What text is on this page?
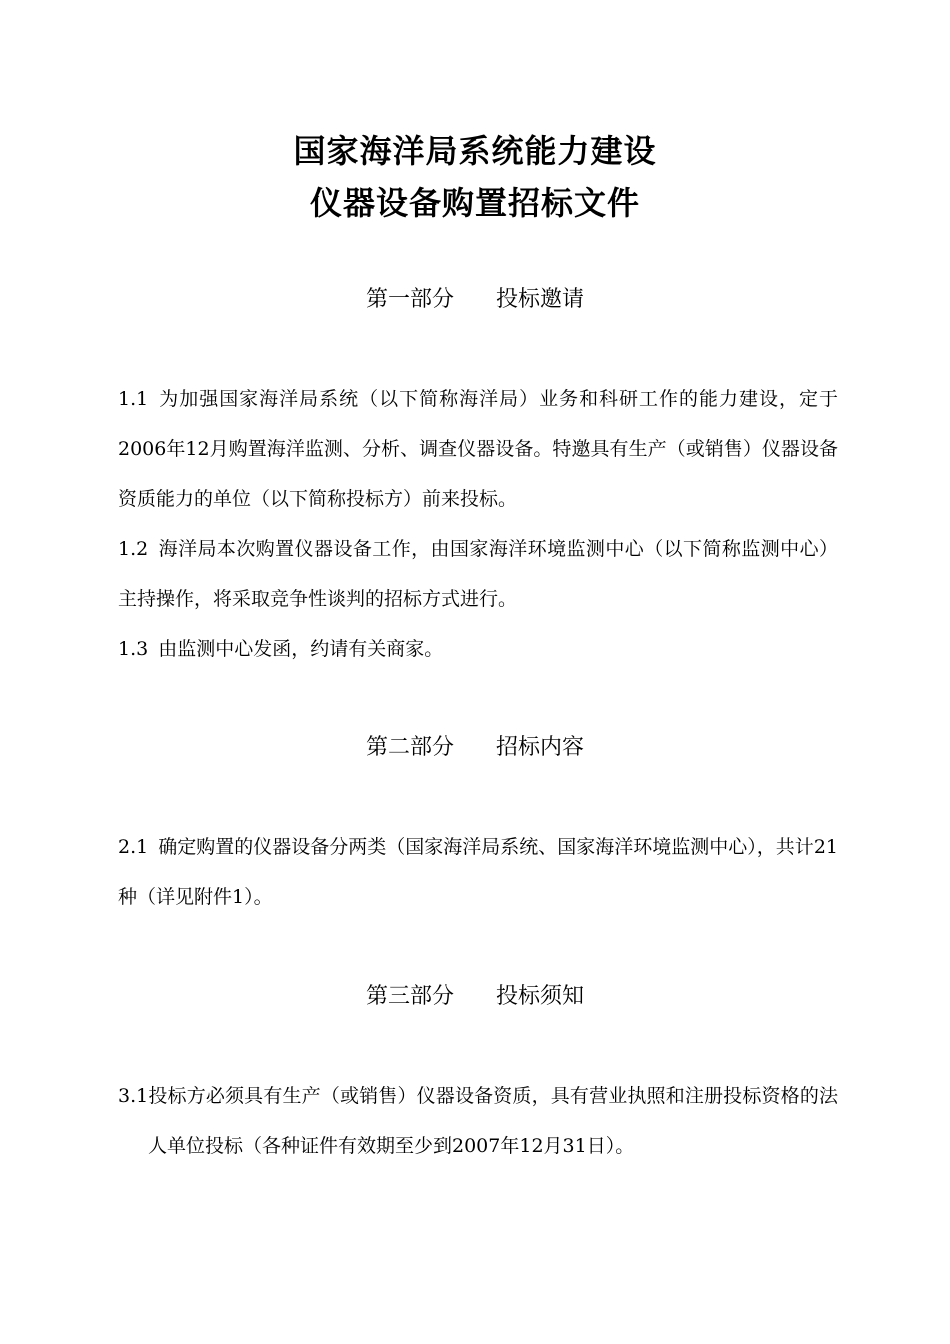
国家海洋局系统能力建设
仪器设备购置招标文件
第一部分 投标邀请
1.1 为加强国家海洋局系统（以下简称海洋局）业务和科研工作的能力建设，定于2006年12月购置海洋监测、分析、调查仪器设备。特邀具有生产（或销售）仪器设备资质能力的单位（以下简称投标方）前来投标。
1.2 海洋局本次购置仪器设备工作，由国家海洋环境监测中心（以下简称监测中心）主持操作，将采取竞争性谈判的招标方式进行。
1.3 由监测中心发函，约请有关商家。
第二部分 招标内容
2.1 确定购置的仪器设备分两类（国家海洋局系统、国家海洋环境监测中心），共计21种（详见附件1）。
第三部分 投标须知
3.1投标方必须具有生产（或销售）仪器设备资质，具有营业执照和注册投标资格的法人单位投标（各种证件有效期至少到2007年12月31日）。
